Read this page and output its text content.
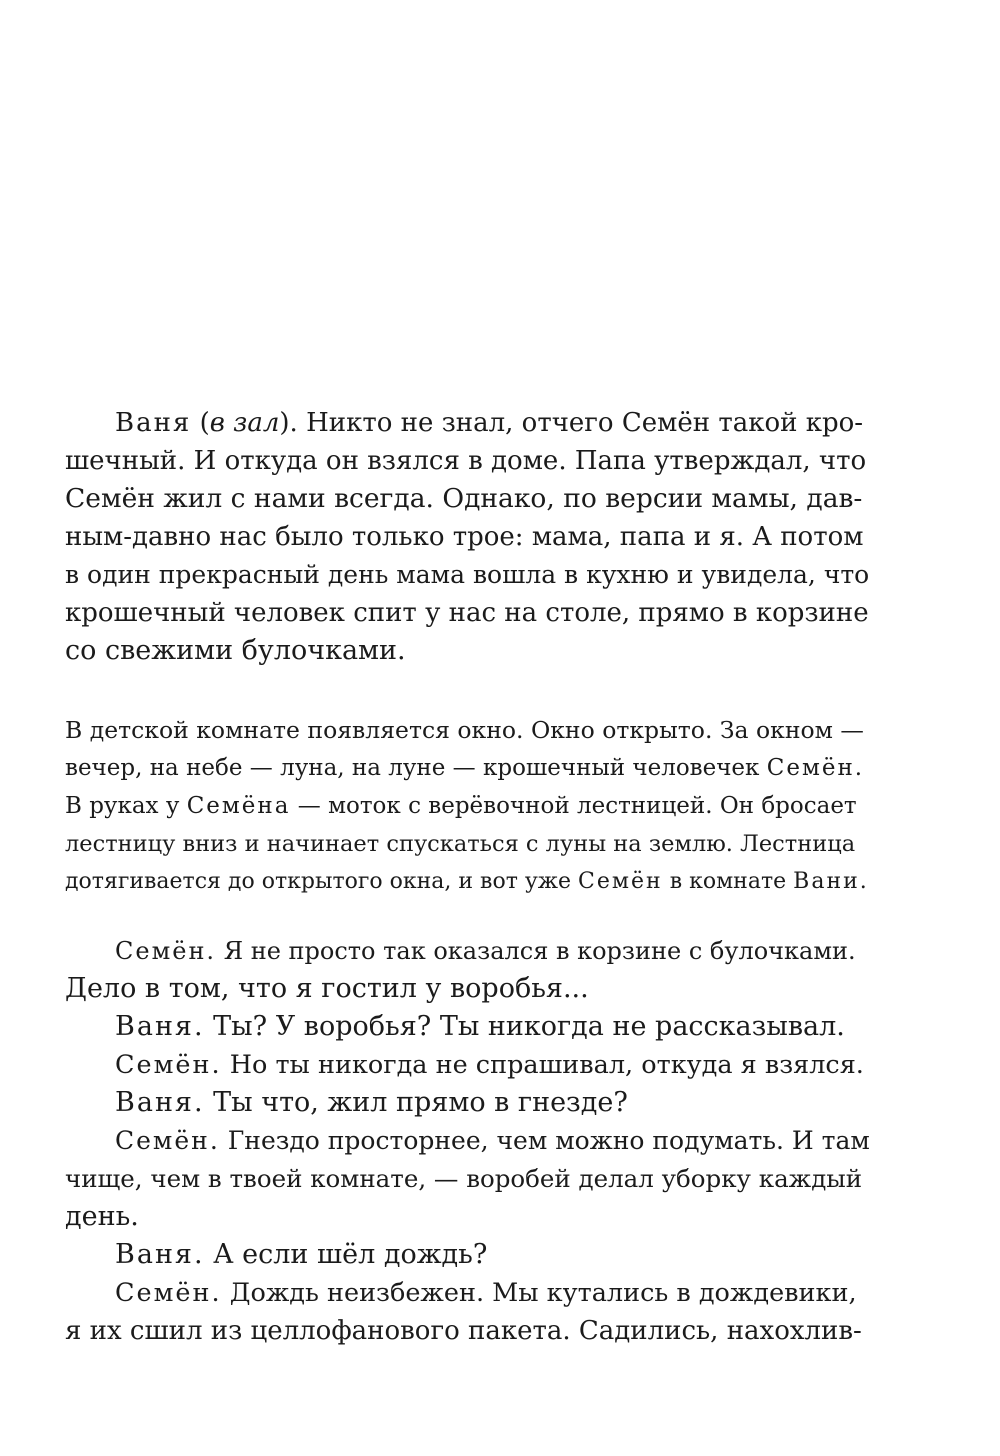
Ваня (в зал). Никто не знал, отчего Семён такой кро-
шечный. И откуда он взялся в доме. Папа утверждал, что
Семён жил с нами всегда. Однако, по версии мамы, дав-
ным-давно нас было только трое: мама, папа и я. А потом
в один прекрасный день мама вошла в кухню и увидела, что
крошечный человек спит у нас на столе, прямо в корзине
со свежими булочками.
В детской комнате появляется окно. Окно открыто. За окном —
вечер, на небе — луна, на луне — крошечный человечек Семён.
В руках у Семёна — моток с верёвочной лестницей. Он бросает
лестницу вниз и начинает спускаться с луны на землю. Лестница
дотягивается до открытого окна, и вот уже Семён в комнате Вани.
Семён. Я не просто так оказался в корзине с булочками.
Дело в том, что я гостил у воробья...
Ваня. Ты? У воробья? Ты никогда не рассказывал.
Семён. Но ты никогда не спрашивал, откуда я взялся.
Ваня. Ты что, жил прямо в гнезде?
Семён. Гнездо просторнее, чем можно подумать. И там
чище, чем в твоей комнате, — воробей делал уборку каждый
день.
Ваня. А если шёл дождь?
Семён. Дождь неизбежен. Мы кутались в дождевики,
я их сшил из целлофанового пакета. Садились, нахохлив-
